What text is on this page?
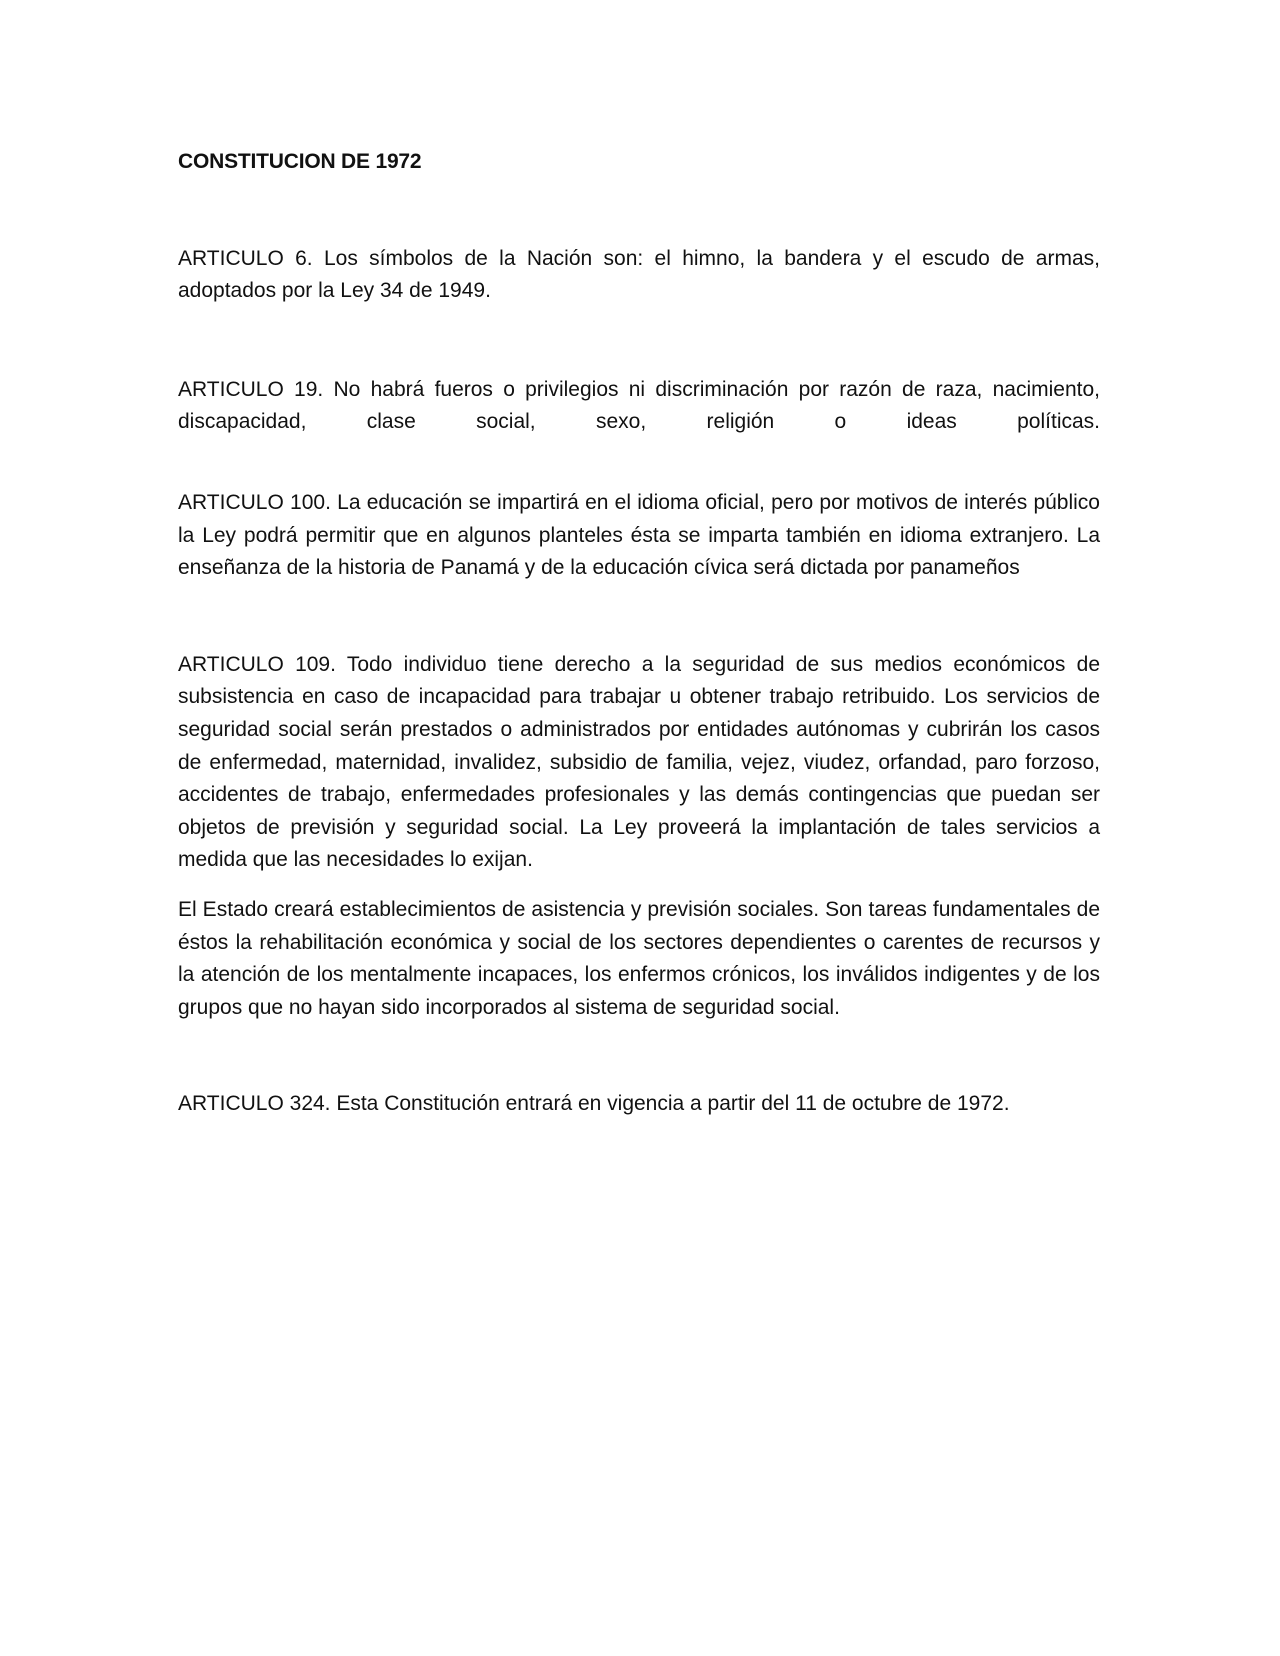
CONSTITUCION DE 1972

ARTICULO 6. Los símbolos de la Nación son: el himno, la bandera y el escudo de armas, adoptados por la Ley 34 de 1949.

ARTICULO 19. No habrá fueros o privilegios ni discriminación por razón de raza, nacimiento, discapacidad, clase social, sexo, religión o ideas políticas.

ARTICULO 100. La educación se impartirá en el idioma oficial, pero por motivos de interés público la Ley podrá permitir que en algunos planteles ésta se imparta también en idioma extranjero. La enseñanza de la historia de Panamá y de la educación cívica será dictada por panameños

ARTICULO 109. Todo individuo tiene derecho a la seguridad de sus medios económicos de subsistencia en caso de incapacidad para trabajar u obtener trabajo retribuido. Los servicios de seguridad social serán prestados o administrados por entidades autónomas y cubrirán los casos de enfermedad, maternidad, invalidez, subsidio de familia, vejez, viudez, orfandad, paro forzoso, accidentes de trabajo, enfermedades profesionales y las demás contingencias que puedan ser objetos de previsión y seguridad social. La Ley proveerá la implantación de tales servicios a medida que las necesidades lo exijan.

El Estado creará establecimientos de asistencia y previsión sociales. Son tareas fundamentales de éstos la rehabilitación económica y social de los sectores dependientes o carentes de recursos y la atención de los mentalmente incapaces, los enfermos crónicos, los inválidos indigentes y de los grupos que no hayan sido incorporados al sistema de seguridad social.

ARTICULO 324. Esta Constitución entrará en vigencia a partir del 11 de octubre de 1972.
